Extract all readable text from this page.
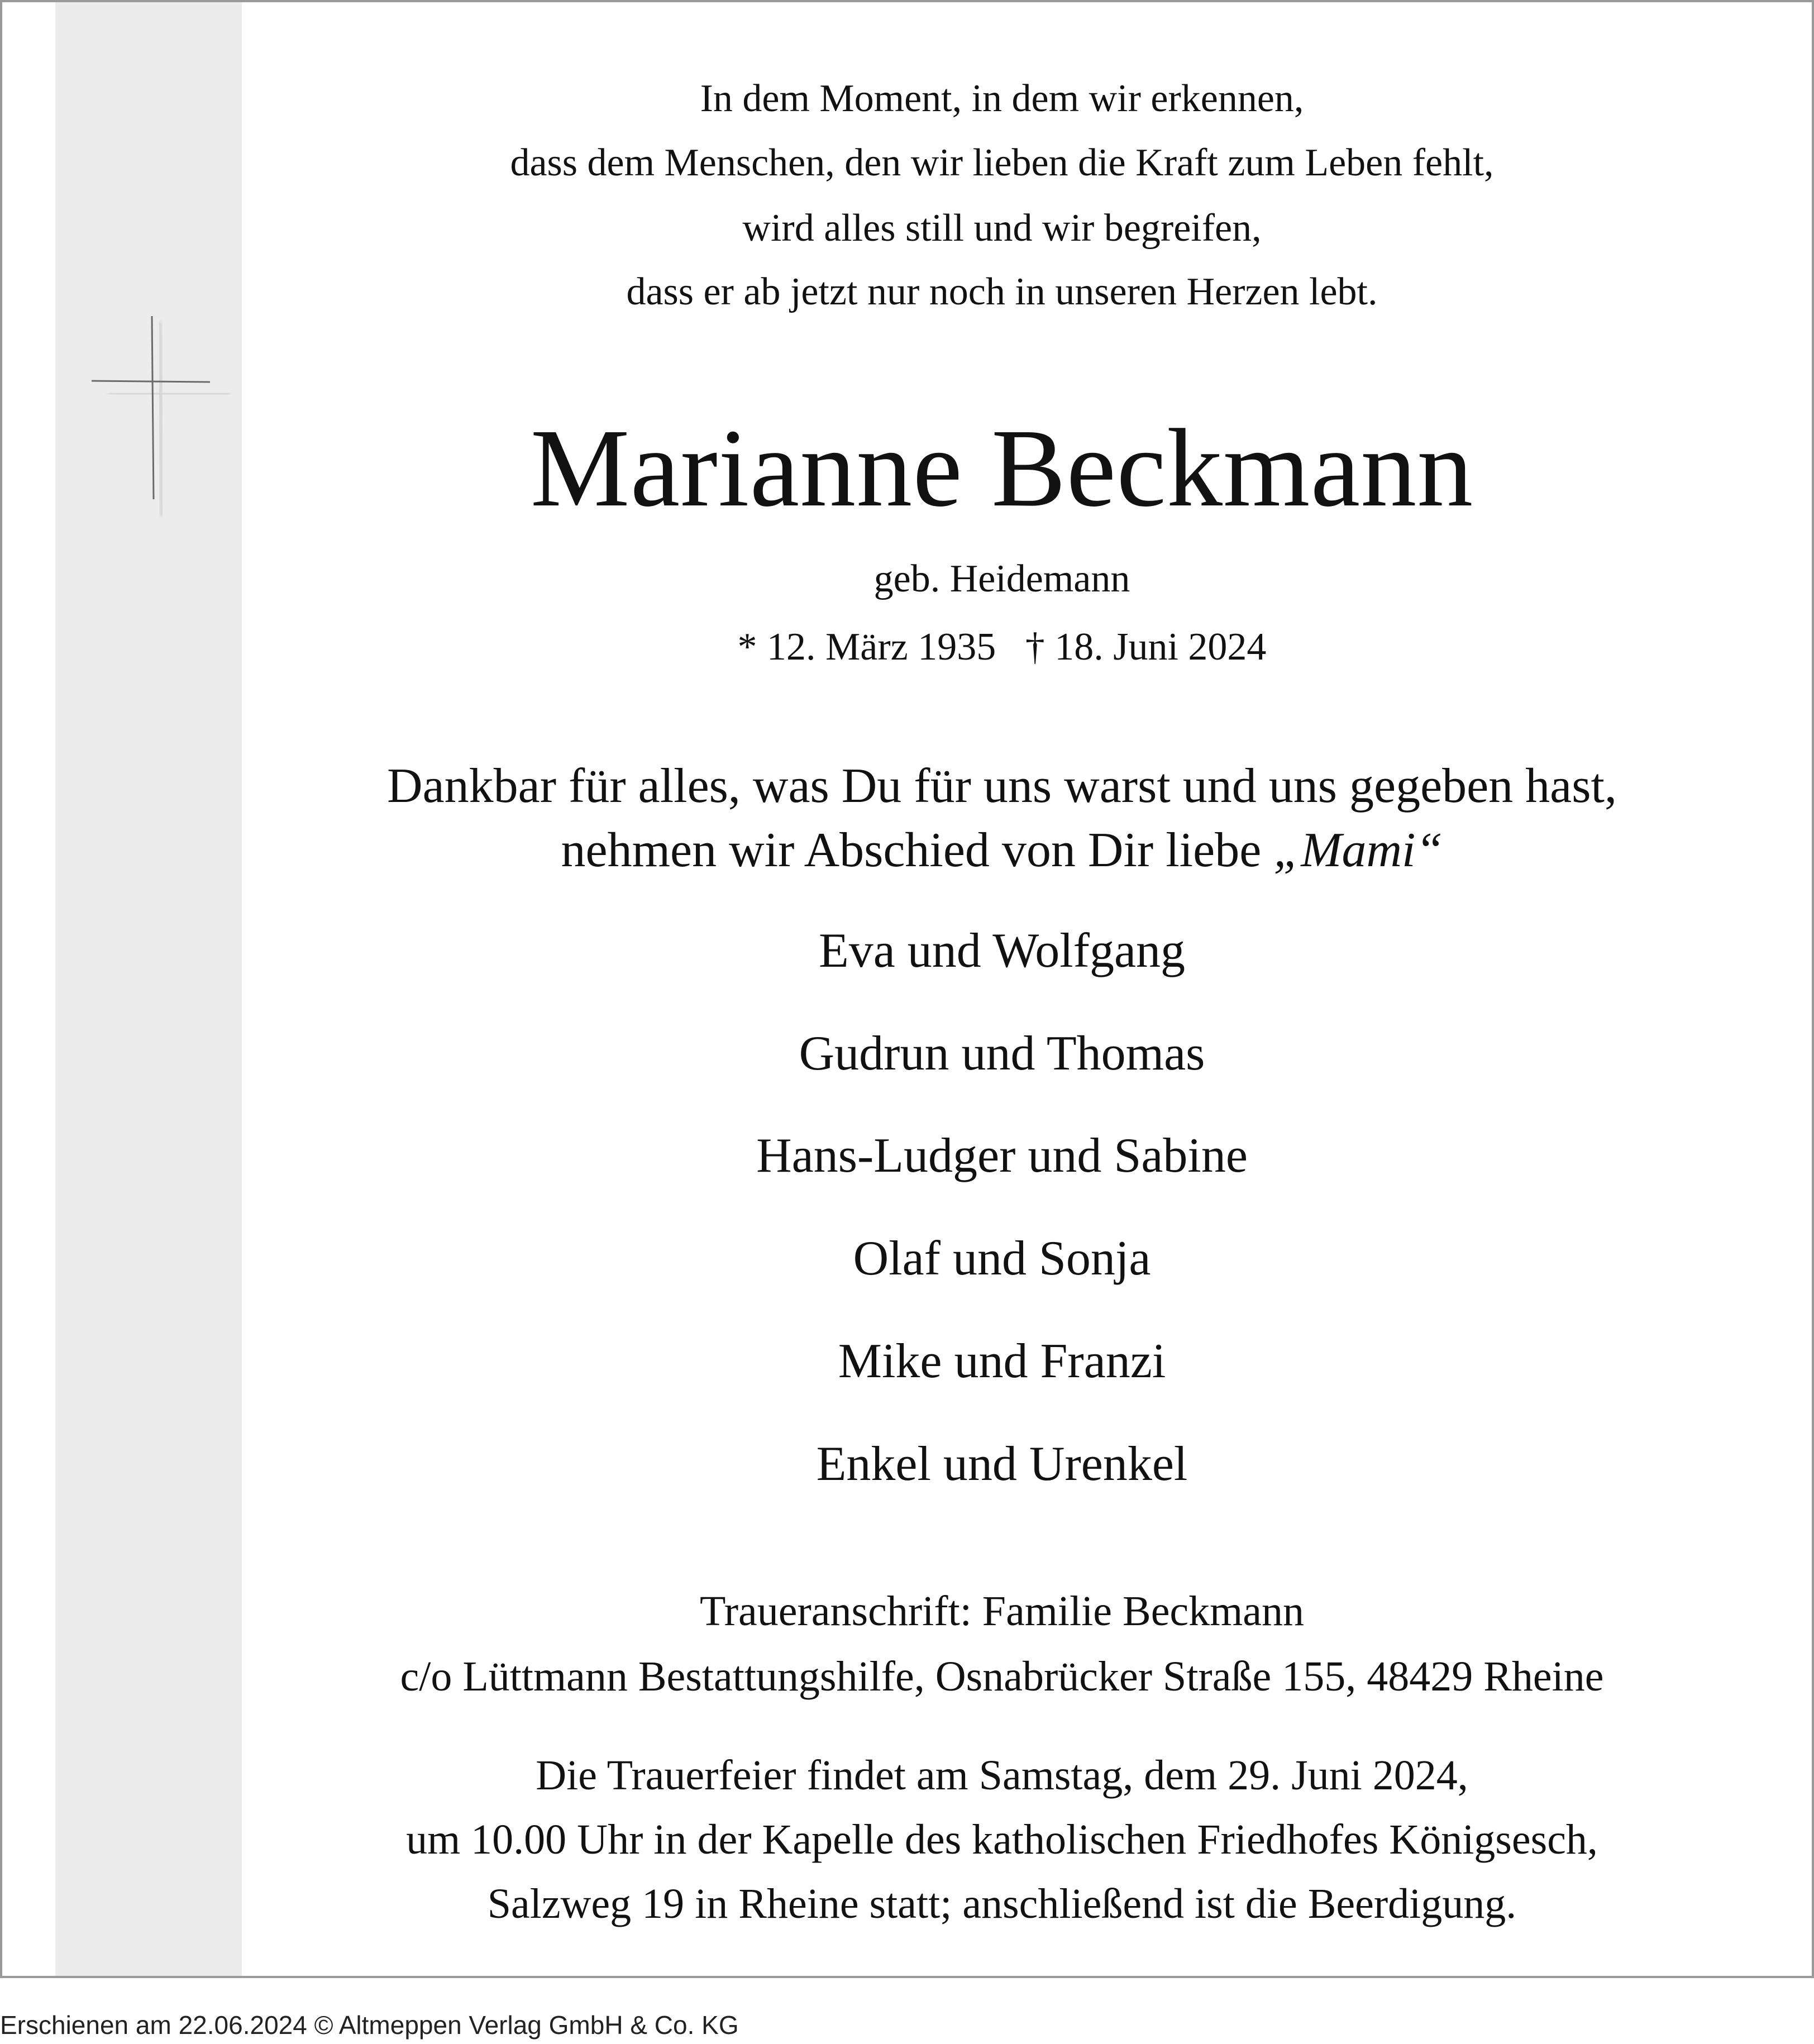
In dem Moment, in dem wir erkennen,
dass dem Menschen, den wir lieben die Kraft zum Leben fehlt,
wird alles still und wir begreifen,
dass er ab jetzt nur noch in unseren Herzen lebt.
Marianne Beckmann
geb. Heidemann
* 12. März 1935   † 18. Juni 2024
Dankbar für alles, was Du für uns warst und uns gegeben hast,
nehmen wir Abschied von Dir liebe „Mami“
Eva und Wolfgang
Gudrun und Thomas
Hans-Ludger und Sabine
Olaf und Sonja
Mike und Franzi
Enkel und Urenkel
Traueranschrift: Familie Beckmann
c/o Lüttmann Bestattungshilfe, Osnabrücker Straße 155, 48429 Rheine
Die Trauerfeier findet am Samstag, dem 29. Juni 2024,
um 10.00 Uhr in der Kapelle des katholischen Friedhofes Königsesch,
Salzweg 19 in Rheine statt; anschließend ist die Beerdigung.
Erschienen am 22.06.2024 © Altmeppen Verlag GmbH & Co. KG
